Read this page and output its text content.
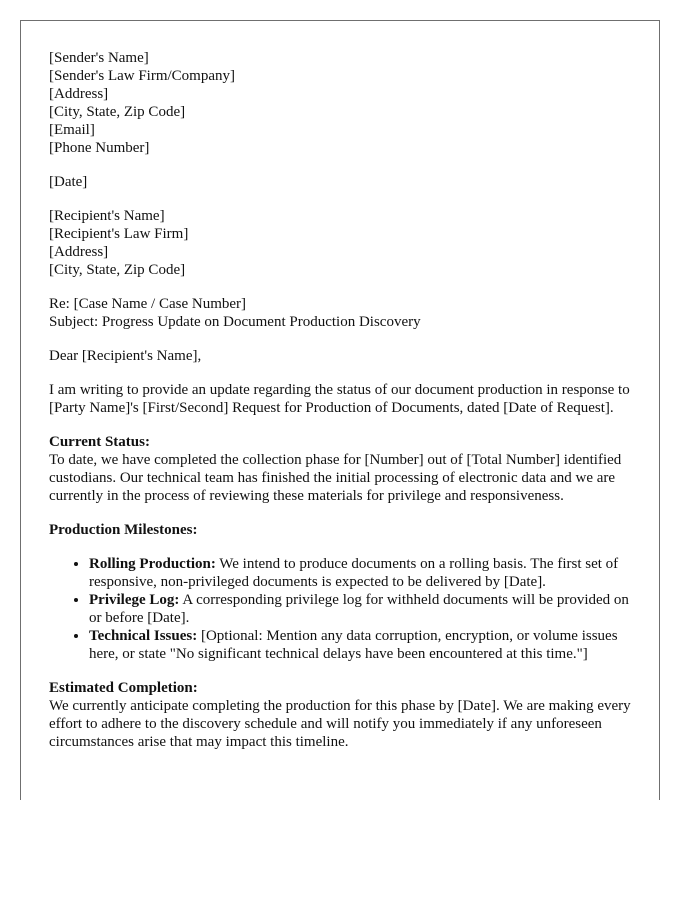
[Sender's Name]
[Sender's Law Firm/Company]
[Address]
[City, State, Zip Code]
[Email]
[Phone Number]
[Date]
[Recipient's Name]
[Recipient's Law Firm]
[Address]
[City, State, Zip Code]
Re: [Case Name / Case Number]
Subject: Progress Update on Document Production Discovery

Dear [Recipient's Name],

I am writing to provide an update regarding the status of our document production in response to [Party Name]'s [First/Second] Request for Production of Documents, dated [Date of Request].

Current Status:
To date, we have completed the collection phase for [Number] out of [Total Number] identified custodians. Our technical team has finished the initial processing of electronic data and we are currently in the process of reviewing these materials for privilege and responsiveness.
Production Milestones:
• Rolling Production: We intend to produce documents on a rolling basis. The first set of responsive, non-privileged documents is expected to be delivered by [Date].
• Privilege Log: A corresponding privilege log for withheld documents will be provided on or before [Date].
• Technical Issues: [Optional: Mention any data corruption, encryption, or volume issues here, or state "No significant technical delays have been encountered at this time."]
Estimated Completion:
We currently anticipate completing the production for this phase by [Date]. We are making every effort to adhere to the discovery schedule and will notify you immediately if any unforeseen circumstances arise that may impact this timeline.
